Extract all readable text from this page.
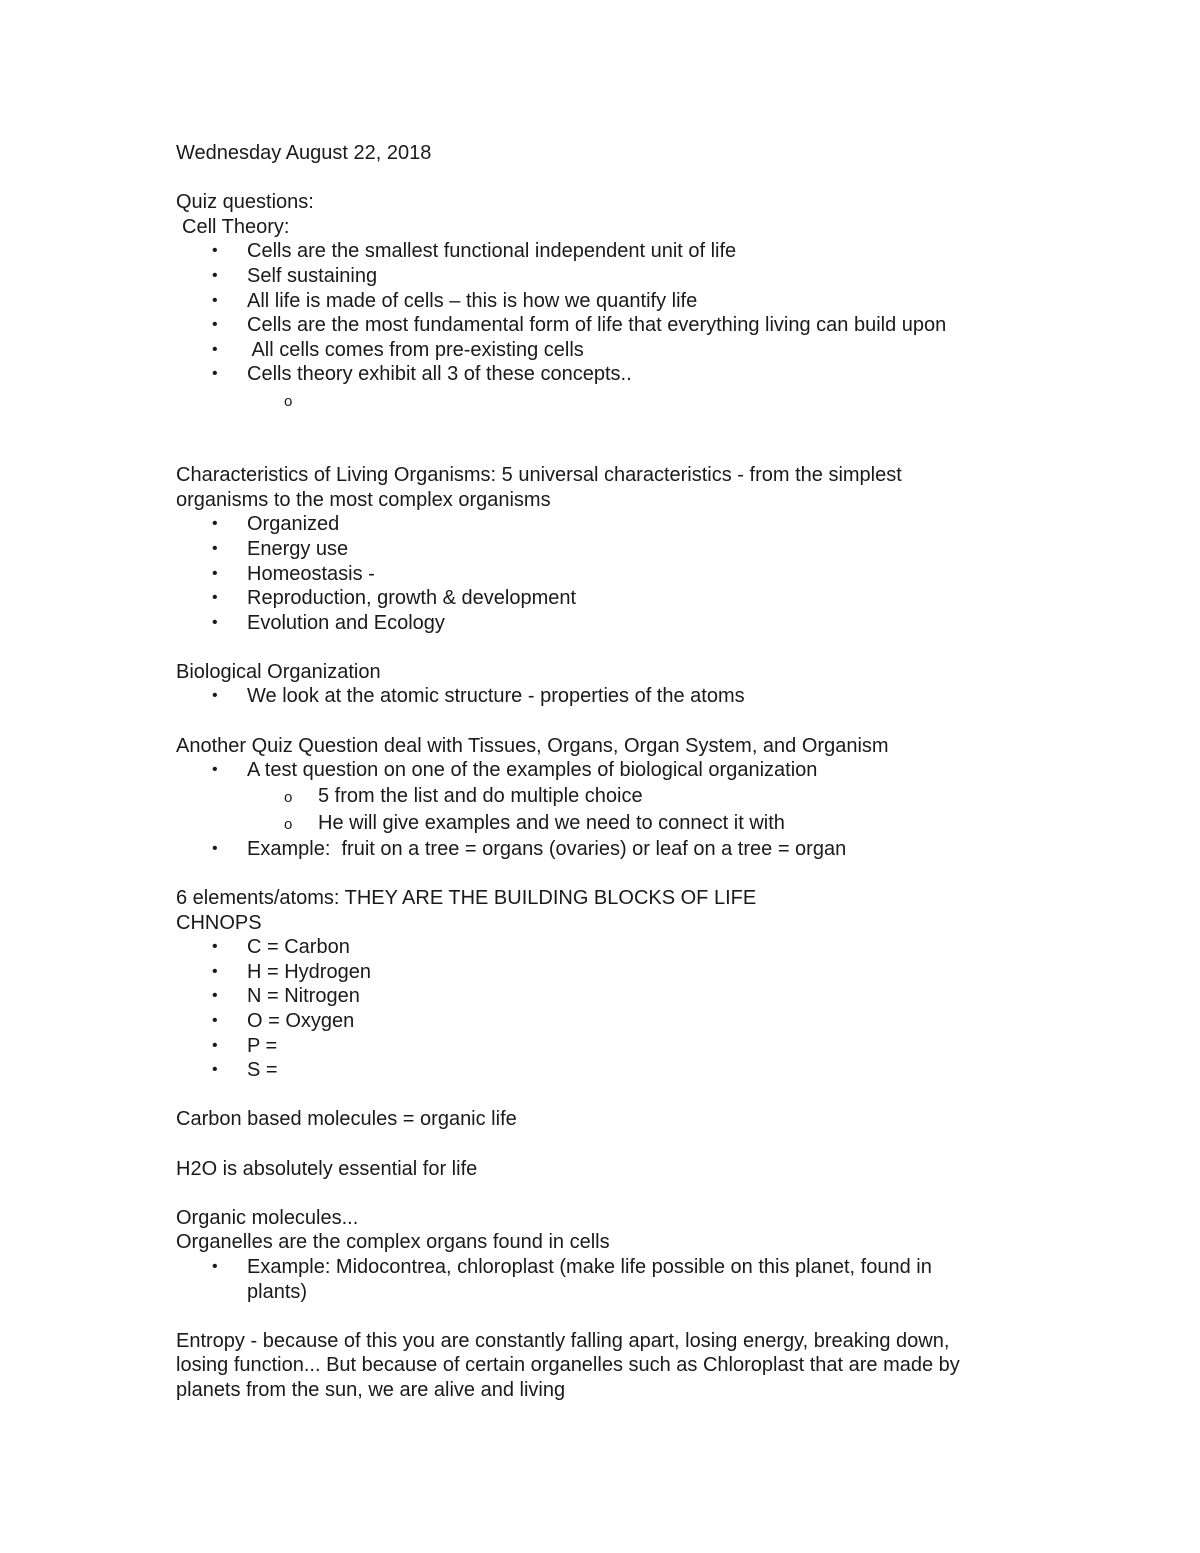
Wednesday August 22, 2018

Quiz questions:

Cell Theory:

• Cells are the smallest functional independent unit of life
• Self sustaining
• All life is made of cells – this is how we quantify life
• Cells are the most fundamental form of life that everything living can build upon
• All cells comes from pre-existing cells
• Cells theory exhibit all 3 of these concepts..
o

Characteristics of Living Organisms: 5 universal characteristics - from the simplest

organisms to the most complex organisms

• Organized
• Energy use
• Homeostasis -
• Reproduction, growth & development
• Evolution and Ecology

Biological Organization

• We look at the atomic structure - properties of the atoms

Another Quiz Question deal with Tissues, Organs, Organ System, and Organism

• A test question on one of the examples of biological organization
o 5 from the list and do multiple choice
o He will give examples and we need to connect it with
• Example:  fruit on a tree = organs (ovaries) or leaf on a tree = organ

6 elements/atoms: THEY ARE THE BUILDING BLOCKS OF LIFE

CHNOPS

• C = Carbon
• H = Hydrogen
• N = Nitrogen
• O = Oxygen
• P =
• S =

Carbon based molecules = organic life

H2O is absolutely essential for life

Organic molecules...

Organelles are the complex organs found in cells

• Example: Midocontrea, chloroplast (make life possible on this planet, found in
plants)

Entropy - because of this you are constantly falling apart, losing energy, breaking down,

losing function... But because of certain organelles such as Chloroplast that are made by

planets from the sun, we are alive and living
